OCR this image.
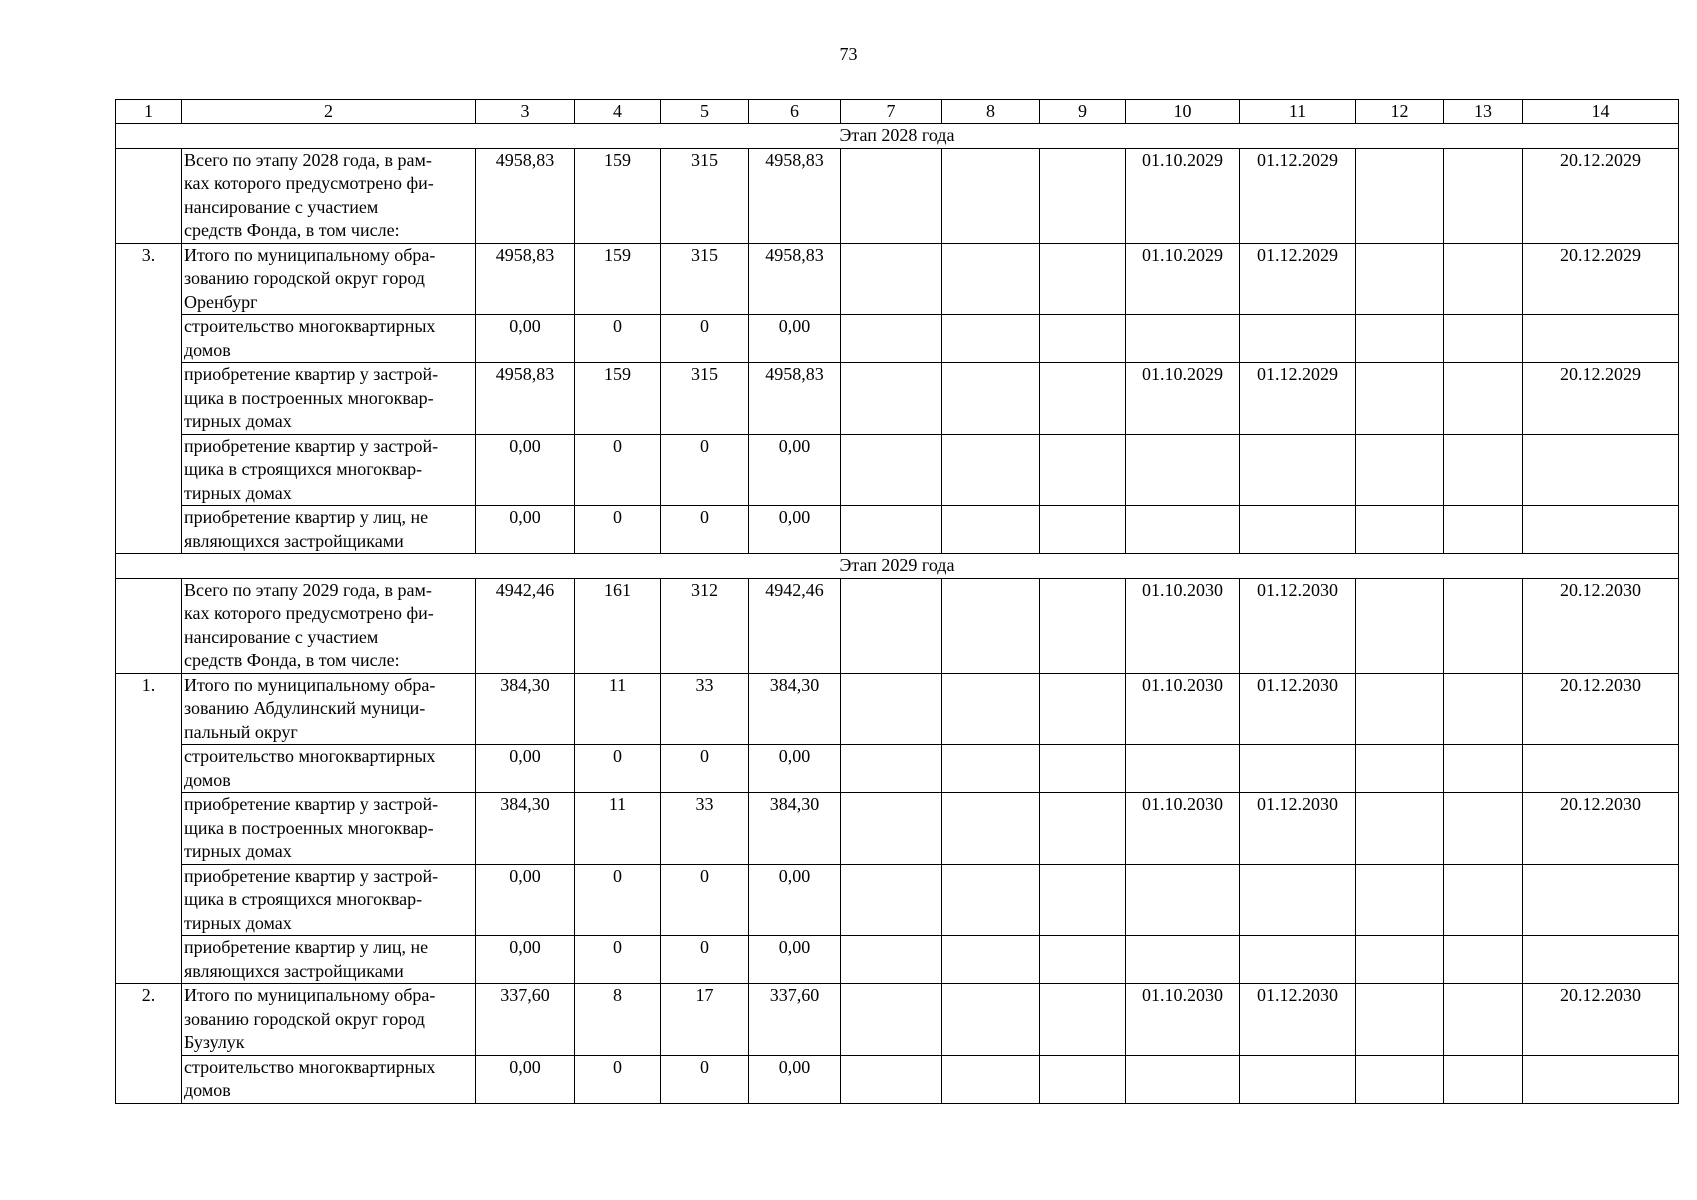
73
1	2	3	4	5	6	7	8	9	10	11	12	13	14
Этап 2028 года													
	Всего по этапу 2028 года, в рам-
ках которого предусмотрено фи-
нансирование с участием
средств Фонда, в том числе:	4958,83	159	315	4958,83				01.10.2029	01.12.2029			20.12.2029
3.	Итого по муниципальному обра-
зованию городской округ город
Оренбург	4958,83	159	315	4958,83				01.10.2029	01.12.2029			20.12.2029
	строительство многоквартирных
домов	0,00	0	0	0,00								
	приобретение квартир у застрой-
щика в построенных многоквар-
тирных домах	4958,83	159	315	4958,83				01.10.2029	01.12.2029			20.12.2029
	приобретение квартир у застрой-
щика в строящихся многоквар-
тирных домах	0,00	0	0	0,00								
	приобретение квартир у лиц, не
являющихся застройщиками	0,00	0	0	0,00								
Этап 2029 года													
	Всего по этапу 2029 года, в рам-
ках которого предусмотрено фи-
нансирование с участием
средств Фонда, в том числе:	4942,46	161	312	4942,46				01.10.2030	01.12.2030			20.12.2030
1.	Итого по муниципальному обра-
зованию Абдулинский муници-
пальный округ	384,30	11	33	384,30				01.10.2030	01.12.2030			20.12.2030
	строительство многоквартирных
домов	0,00	0	0	0,00								
	приобретение квартир у застрой-
щика в построенных многоквар-
тирных домах	384,30	11	33	384,30				01.10.2030	01.12.2030			20.12.2030
	приобретение квартир у застрой-
щика в строящихся многоквар-
тирных домах	0,00	0	0	0,00								
	приобретение квартир у лиц, не
являющихся застройщиками	0,00	0	0	0,00								
2.	Итого по муниципальному обра-
зованию городской округ город
Бузулук	337,60	8	17	337,60				01.10.2030	01.12.2030			20.12.2030
	строительство многоквартирных
домов	0,00	0	0	0,00								
